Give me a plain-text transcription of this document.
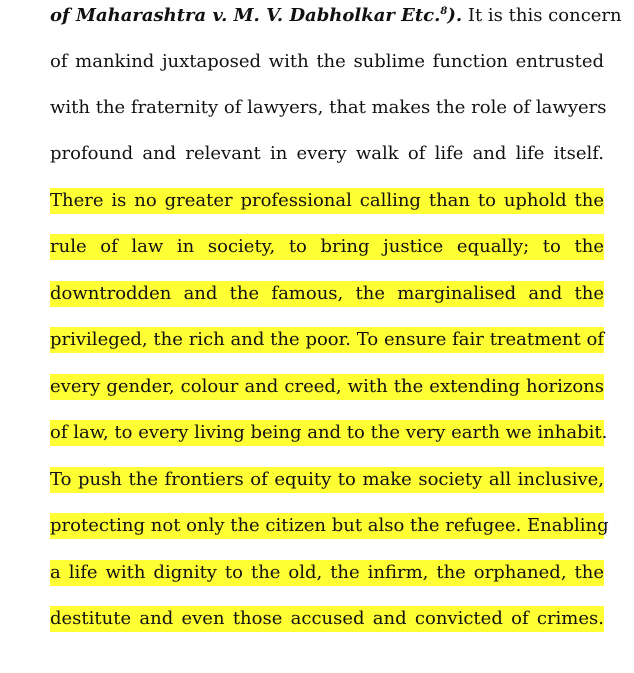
of Maharashtra v. M. V. Dabholkar Etc.$^8$). It is this concern
of mankind juxtaposed with the sublime function entrusted
with the fraternity of lawyers, that makes the role of lawyers
profound and relevant in every walk of life and life itself.
There is no greater professional calling than to uphold the
rule of law in society, to bring justice equally; to the
downtrodden and the famous, the marginalised and the
privileged, the rich and the poor. To ensure fair treatment of
every gender, colour and creed, with the extending horizons
of law, to every living being and to the very earth we inhabit.
To push the frontiers of equity to make society all inclusive,
protecting not only the citizen but also the refugee. Enabling
a life with dignity to the old, the infirm, the orphaned, the
destitute and even those accused and convicted of crimes.
